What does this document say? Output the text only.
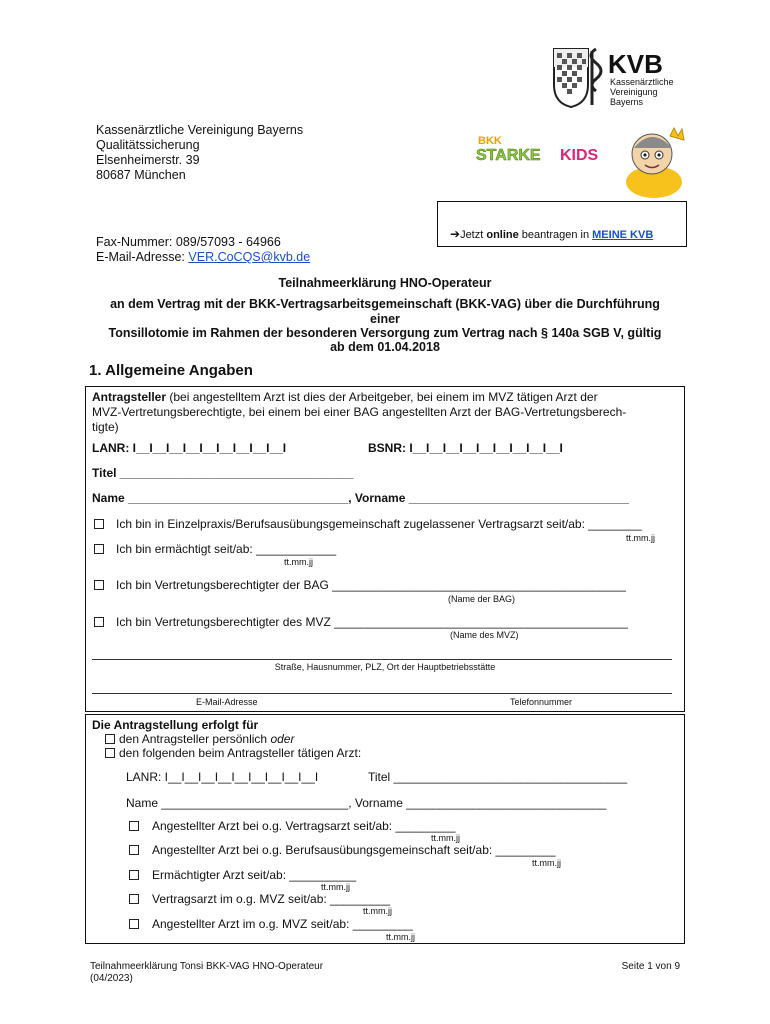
KVB
Kassenärztliche
Vereinigung
Bayerns
BKK
STARKE KIDS
Kassenärztliche Vereinigung Bayerns
Qualitätssicherung
Elsenheimerstr. 39
80687 München
➔Jetzt online beantragen in MEINE KVB
Fax-Nummer: 089/57093 - 64966
E-Mail-Adresse: VER.CoCQS@kvb.de
Teilnahmeerklärung HNO-Operateur
an dem Vertrag mit der BKK-Vertragsarbeitsgemeinschaft (BKK-VAG) über die Durchführung
einer
Tonsillotomie im Rahmen der besonderen Versorgung zum Vertrag nach § 140a SGB V, gültig
ab dem 01.04.2018
1. Allgemeine Angaben
Antragsteller (bei angestelltem Arzt ist dies der Arbeitgeber, bei einem im MVZ tätigen Arzt der
MVZ-Vertretungsberechtigte, bei einem bei einer BAG angestellten Arzt der BAG-Vertretungsberech-
tigte)
LANR: I__I__I__I__I__I__I__I__I__I	BSNR: I__I__I__I__I__I__I__I__I__I
Titel ___________________________________
Name _________________________________, Vorname _________________________________
Ich bin in Einzelpraxis/Berufsausübungsgemeinschaft zugelassener Vertragsarzt seit/ab: ________
tt.mm.jj
Ich bin ermächtigt seit/ab: ____________
tt.mm.jj
Ich bin Vertretungsberechtigter der BAG ____________________________________________
(Name der BAG)
Ich bin Vertretungsberechtigter des MVZ ____________________________________________
(Name des MVZ)
Straße, Hausnummer, PLZ, Ort der Hauptbetriebsstätte
E-Mail-Adresse	Telefonnummer
Die Antragstellung erfolgt für
den Antragsteller persönlich oder
den folgenden beim Antragsteller tätigen Arzt:
LANR: I__I__I__I__I__I__I__I__I__I	Titel ___________________________________
Name ____________________________, Vorname ______________________________
Angestellter Arzt bei o.g. Vertragsarzt seit/ab: _________
tt.mm.jj
Angestellter Arzt bei o.g. Berufsausübungsgemeinschaft seit/ab: _________
tt.mm.jj
Ermächtigter Arzt seit/ab: __________
tt.mm.jj
Vertragsarzt im o.g. MVZ seit/ab: _________
tt.mm.jj
Angestellter Arzt im o.g. MVZ seit/ab: _________
tt.mm.jj
Teilnahmeerklärung Tonsi BKK-VAG HNO-Operateur
(04/2023)
Seite 1 von 9
